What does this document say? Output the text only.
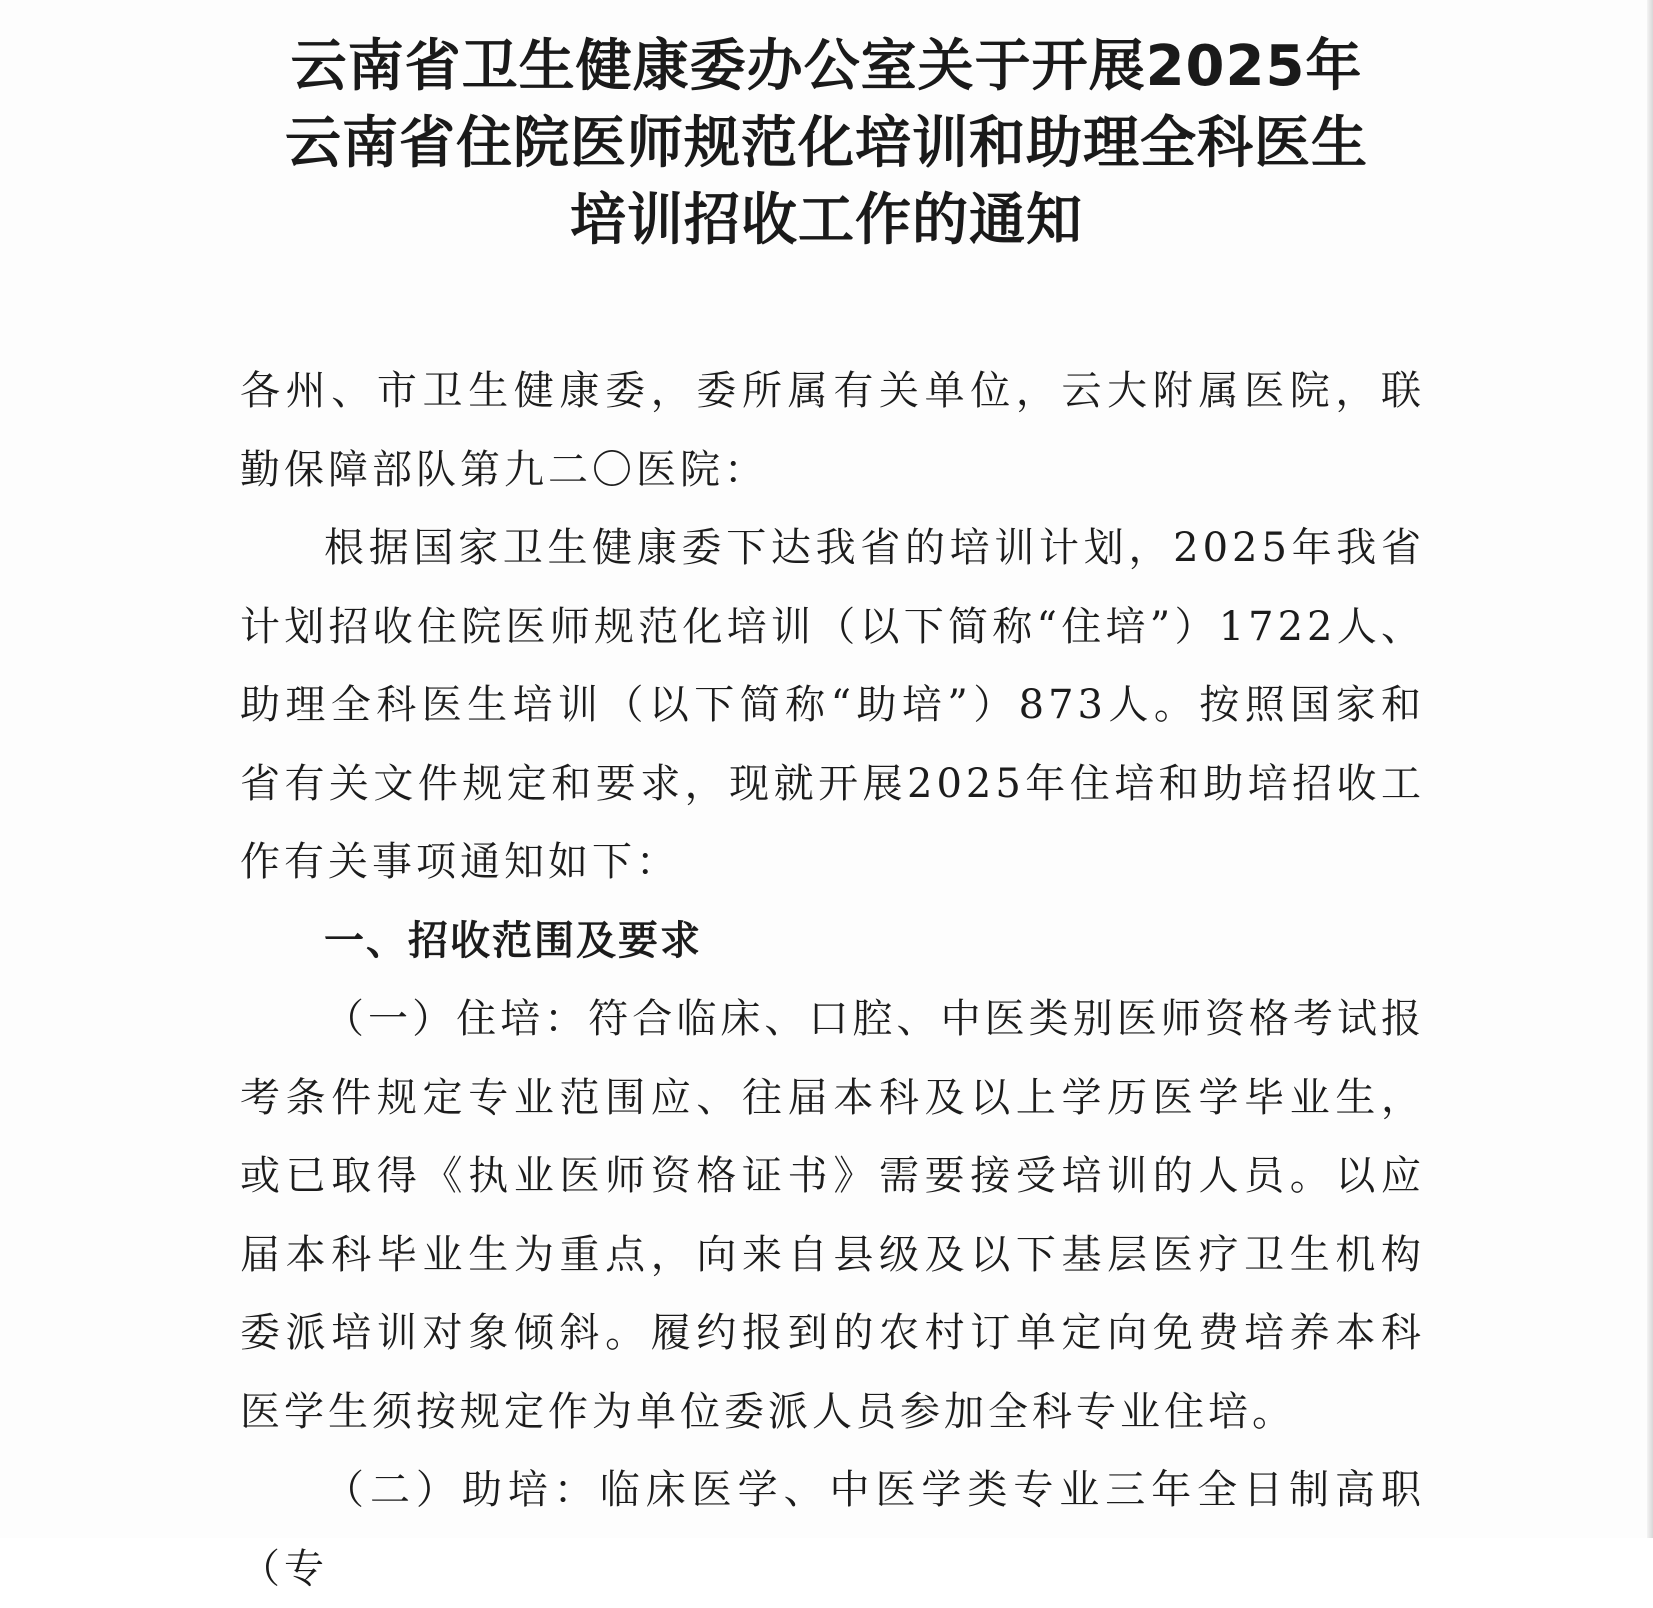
云南省卫生健康委办公室关于开展2025年
云南省住院医师规范化培训和助理全科医生
培训招收工作的通知

各州、市卫生健康委，委所属有关单位，云大附属医院，联勤保障部队第九二〇医院：

根据国家卫生健康委下达我省的培训计划，2025年我省计划招收住院医师规范化培训（以下简称“住培”）1722人、助理全科医生培训（以下简称“助培”）873人。按照国家和省有关文件规定和要求，现就开展2025年住培和助培招收工作有关事项通知如下：

一、招收范围及要求

（一）住培：符合临床、口腔、中医类别医师资格考试报考条件规定专业范围应、往届本科及以上学历医学毕业生，或已取得《执业医师资格证书》需要接受培训的人员。以应届本科毕业生为重点，向来自县级及以下基层医疗卫生机构委派培训对象倾斜。履约报到的农村订单定向免费培养本科医学生须按规定作为单位委派人员参加全科专业住培。

（二）助培：临床医学、中医学类专业三年全日制高职（专
